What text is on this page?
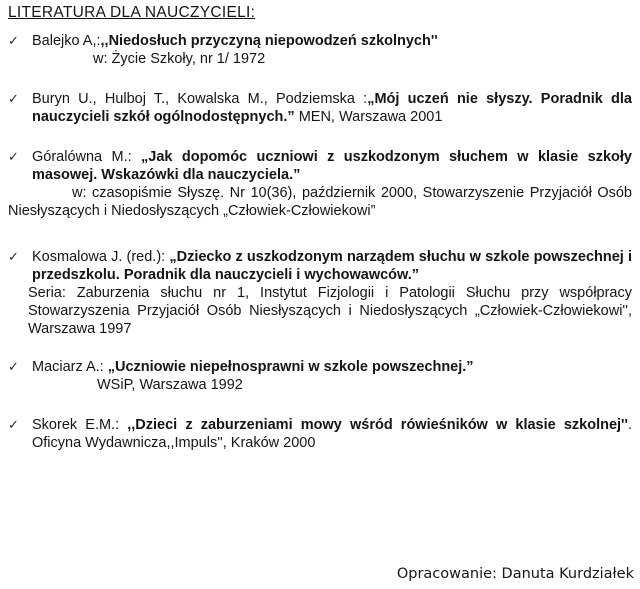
LITERATURA DLA NAUCZYCIELI:
✓ Balejko A,:,,Niedosłuch przyczyną niepowodzeń szkolnych''

w: Życie Szkoły, nr 1/ 1972

✓ Buryn U., Hulboj T., Kowalska M., Podziemska :„Mój uczeń nie słyszy. Poradnik dla nauczycieli szkół ogólnodostępnych.” MEN, Warszawa 2001

✓ Góralówna M.: „Jak dopomóc uczniowi z uszkodzonym słuchem w klasie szkoły masowej. Wskazówki dla nauczyciela.”

w: czasopiśmie Słyszę. Nr 10(36), październik 2000, Stowarzyszenie Przyjaciół Osób Niesłyszących i Niedosłyszących „Człowiek-Człowiekowi”

✓ Kosmalowa J. (red.): „Dziecko z uszkodzonym narządem słuchu w szkole powszechnej i przedszkolu. Poradnik dla nauczycieli i wychowawców.”

Seria: Zaburzenia słuchu nr 1, Instytut Fizjologii i Patologii Słuchu przy współpracy Stowarzyszenia Przyjaciół Osób Niesłyszących i Niedosłyszących „Człowiek-Człowiekowi'', Warszawa 1997

✓ Maciarz A.: „Uczniowie niepełnosprawni w szkole powszechnej.”

WSiP, Warszawa 1992

✓ Skorek E.M.: ,,Dzieci z zaburzeniami mowy wśród rówieśników w klasie szkolnej''. Oficyna Wydawnicza,,Impuls'', Kraków 2000

Opracowanie: Danuta Kurdziałek
